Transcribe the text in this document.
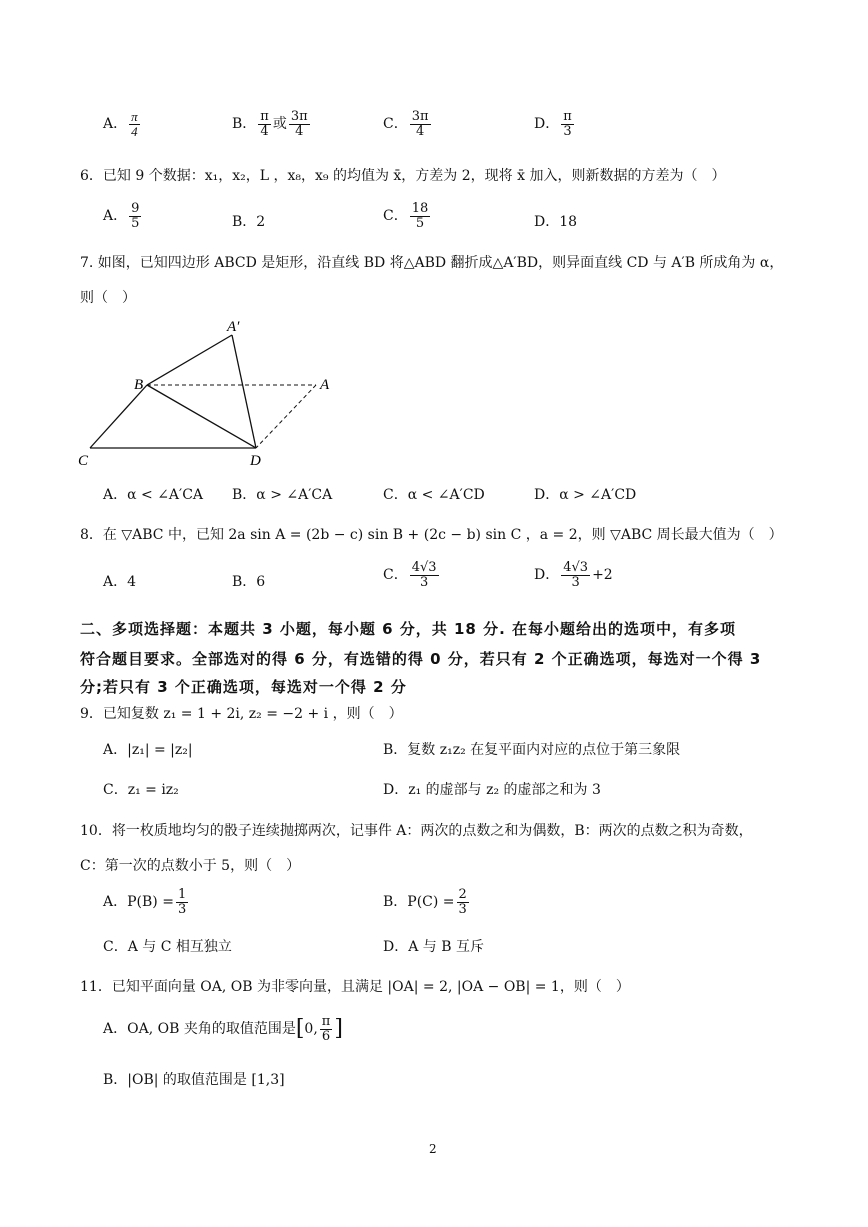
A． $\frac{\pi}{4}$	B． $\frac{\pi}{4}$ 或 $\frac{3\pi}{4}$	C． $\frac{3\pi}{4}$	D． $\frac{\pi}{3}$
6．已知 9 个数据：x₁，x₂，L ，x₈，x₉ 的均值为 x̄，方差为 2，现将 x̄ 加入，则新数据的方差为（　）
A． $\frac{9}{5}$	B．2	C． $\frac{18}{5}$	D．18
7. 如图，已知四边形 ABCD 是矩形，沿直线 BD 将△ABD 翻折成△A′BD，则异面直线 CD 与 A′B 所成角为 α，
则（　）
A′
B	A
C	D
A．α < ∠A′CA B．α > ∠A′CA	C．α < ∠A′CD	D．α > ∠A′CD
8．在 ▽ABC 中，已知 2a sin A = (2b − c) sin B + (2c − b) sin C ，a = 2，则 ▽ABC 周长最大值为（　）
A．4	B．6	C． $\frac{4√3}{3}$	D． $\frac{4√3}{3} +2$
二、多项选择题：本题共 3 小题，每小题 6 分，共 18 分. 在每小题给出的选项中，有多项
符合题目要求。全部选对的得 6 分，有选错的得 0 分，若只有 2 个正确选项，每选对一个得 3
分;若只有 3 个正确选项，每选对一个得 2 分
9．已知复数 z₁ = 1 + 2i, z₂ = −2 + i ，则（　）
A．|z₁| = |z₂|	B．复数 z₁z₂ 在复平面内对应的点位于第三象限
C．z₁ = iz₂	D．z₁ 的虚部与 z₂ 的虚部之和为 3
10．将一枚质地均匀的骰子连续抛掷两次，记事件 A：两次的点数之和为偶数，B：两次的点数之积为奇数，
C：第一次的点数小于 5，则（　）
A．$P(B) = \frac{1}{3}$	B．$P(C) = \frac{2}{3}$
C．A 与 C 相互独立	D．A 与 B 互斥
11．已知平面向量 OA, OB 为非零向量，且满足 |OA| = 2, |OA − OB| = 1，则（　）
A．OA, OB 夹角的取值范围是[0, $\frac{\pi}{6}$ ]
B．|OB| 的取值范围是 [1,3]
2
